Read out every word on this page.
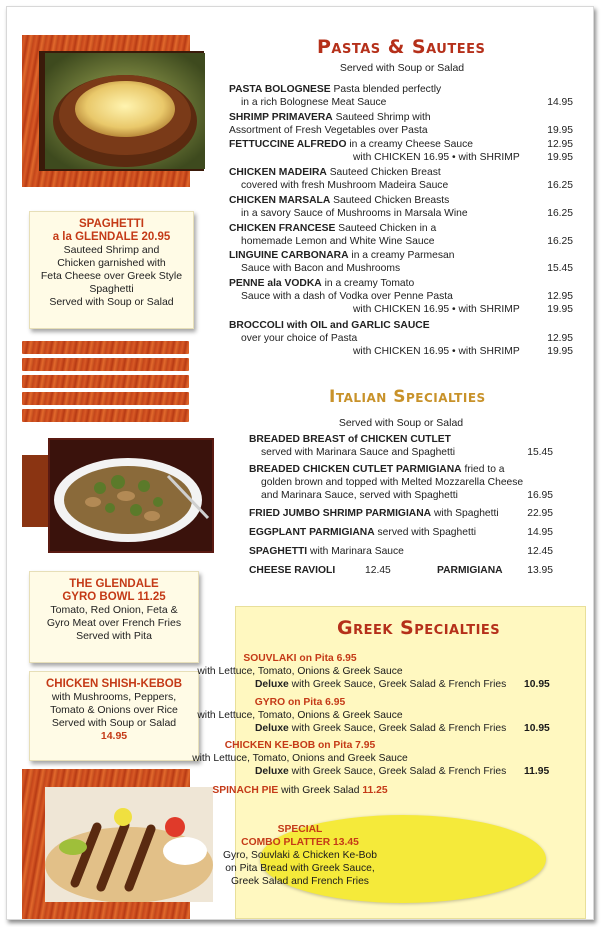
SPAGHETTI
a la GLENDALE 20.95
Sauteed Shrimp and
Chicken garnished with
Feta Cheese over Greek Style
Spaghetti
Served with Soup or Salad
THE GLENDALE
GYRO BOWL 11.25
Tomato, Red Onion, Feta &
Gyro Meat over French Fries
Served with Pita
CHICKEN SHISH-KEBOB
with Mushrooms, Peppers,
Tomato & Onions over Rice
Served with Soup or Salad
14.95
Pastas & Sautees
Served with Soup or Salad
PASTA BOLOGNESE Pasta blended perfectly
in a rich Bolognese Meat Sauce	14.95
SHRIMP PRIMAVERA Sauteed Shrimp with
Assortment of Fresh Vegetables over Pasta	19.95
FETTUCCINE ALFREDO in a creamy Cheese Sauce	12.95
with CHICKEN 16.95 • with SHRIMP	19.95
CHICKEN MADEIRA Sauteed Chicken Breast
covered with fresh Mushroom Madeira Sauce	16.25
CHICKEN MARSALA Sauteed Chicken Breasts
in a savory Sauce of Mushrooms in Marsala Wine	16.25
CHICKEN FRANCESE Sauteed Chicken in a
homemade Lemon and White Wine Sauce	16.25
LINGUINE CARBONARA in a creamy Parmesan
Sauce with Bacon and Mushrooms	15.45
PENNE ala VODKA in a creamy Tomato
Sauce with a dash of Vodka over Penne Pasta	12.95
with CHICKEN 16.95 • with SHRIMP	19.95
BROCCOLI with OIL and GARLIC SAUCE
over your choice of Pasta	12.95
with CHICKEN 16.95 • with SHRIMP	19.95
Italian Specialties
Served with Soup or Salad
BREADED BREAST of CHICKEN CUTLET
served with Marinara Sauce and Spaghetti	15.45
BREADED CHICKEN CUTLET PARMIGIANA fried to a
golden brown and topped with Melted Mozzarella Cheese
and Marinara Sauce, served with Spaghetti	16.95
FRIED JUMBO SHRIMP PARMIGIANA with Spaghetti	22.95
EGGPLANT PARMIGIANA served with Spaghetti	14.95
SPAGHETTI with Marinara Sauce	12.45
CHEESE RAVIOLI	12.45	PARMIGIANA 13.95
Greek Specialties
SOUVLAKI on Pita 6.95
with Lettuce, Tomato, Onions & Greek Sauce
Deluxe with Greek Sauce, Greek Salad & French Fries 10.95
GYRO on Pita 6.95
with Lettuce, Tomato, Onions & Greek Sauce
Deluxe with Greek Sauce, Greek Salad & French Fries 10.95
CHICKEN KE-BOB on Pita 7.95
with Lettuce, Tomato, Onions and Greek Sauce
Deluxe with Greek Sauce, Greek Salad & French Fries 11.95
SPINACH PIE with Greek Salad 11.25
SPECIAL
COMBO PLATTER 13.45
Gyro, Souvlaki & Chicken Ke-Bob
on Pita Bread with Greek Sauce,
Greek Salad and French Fries
